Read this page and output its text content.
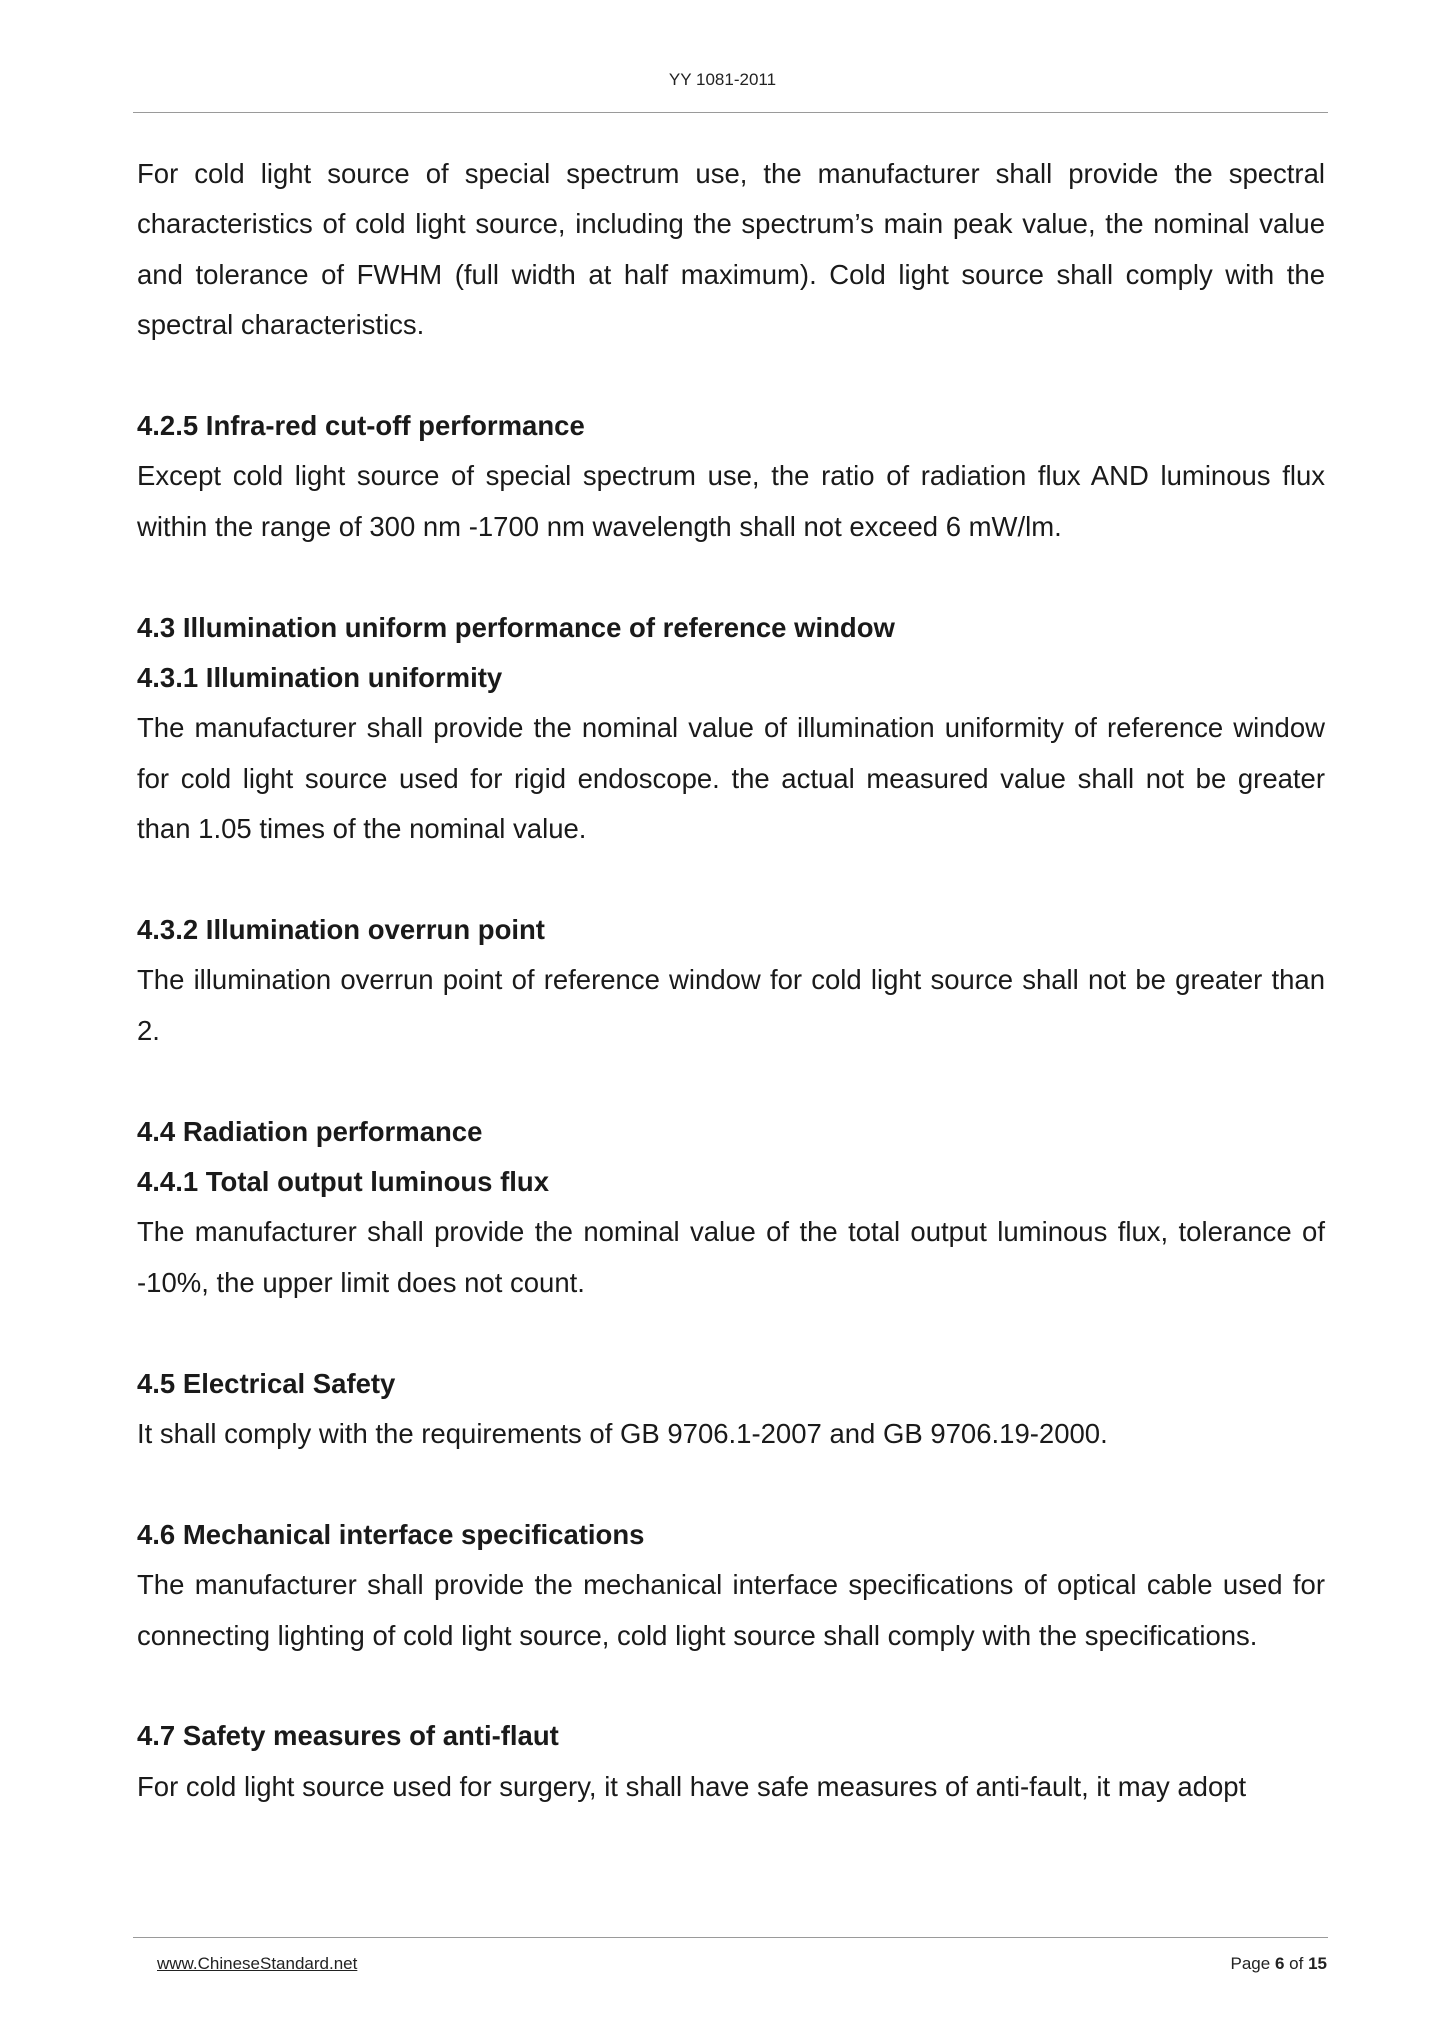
YY 1081-2011

For cold light source of special spectrum use, the manufacturer shall provide the spectral characteristics of cold light source, including the spectrum’s main peak value, the nominal value and tolerance of FWHM (full width at half maximum). Cold light source shall comply with the spectral characteristics.

4.2.5 Infra-red cut-off performance

Except cold light source of special spectrum use, the ratio of radiation flux AND luminous flux within the range of 300 nm -1700 nm wavelength shall not exceed 6 mW/lm.

4.3 Illumination uniform performance of reference window
4.3.1 Illumination uniformity

The manufacturer shall provide the nominal value of illumination uniformity of reference window for cold light source used for rigid endoscope. the actual measured value shall not be greater than 1.05 times of the nominal value.

4.3.2 Illumination overrun point

The illumination overrun point of reference window for cold light source shall not be greater than 2.

4.4 Radiation performance
4.4.1 Total output luminous flux

The manufacturer shall provide the nominal value of the total output luminous flux, tolerance of -10%, the upper limit does not count.

4.5 Electrical Safety

It shall comply with the requirements of GB 9706.1-2007 and GB 9706.19-2000.

4.6 Mechanical interface specifications

The manufacturer shall provide the mechanical interface specifications of optical cable used for connecting lighting of cold light source, cold light source shall comply with the specifications.

4.7 Safety measures of anti-flaut

For cold light source used for surgery, it shall have safe measures of anti-fault, it may adopt

www.ChineseStandard.net	Page 6 of 15
